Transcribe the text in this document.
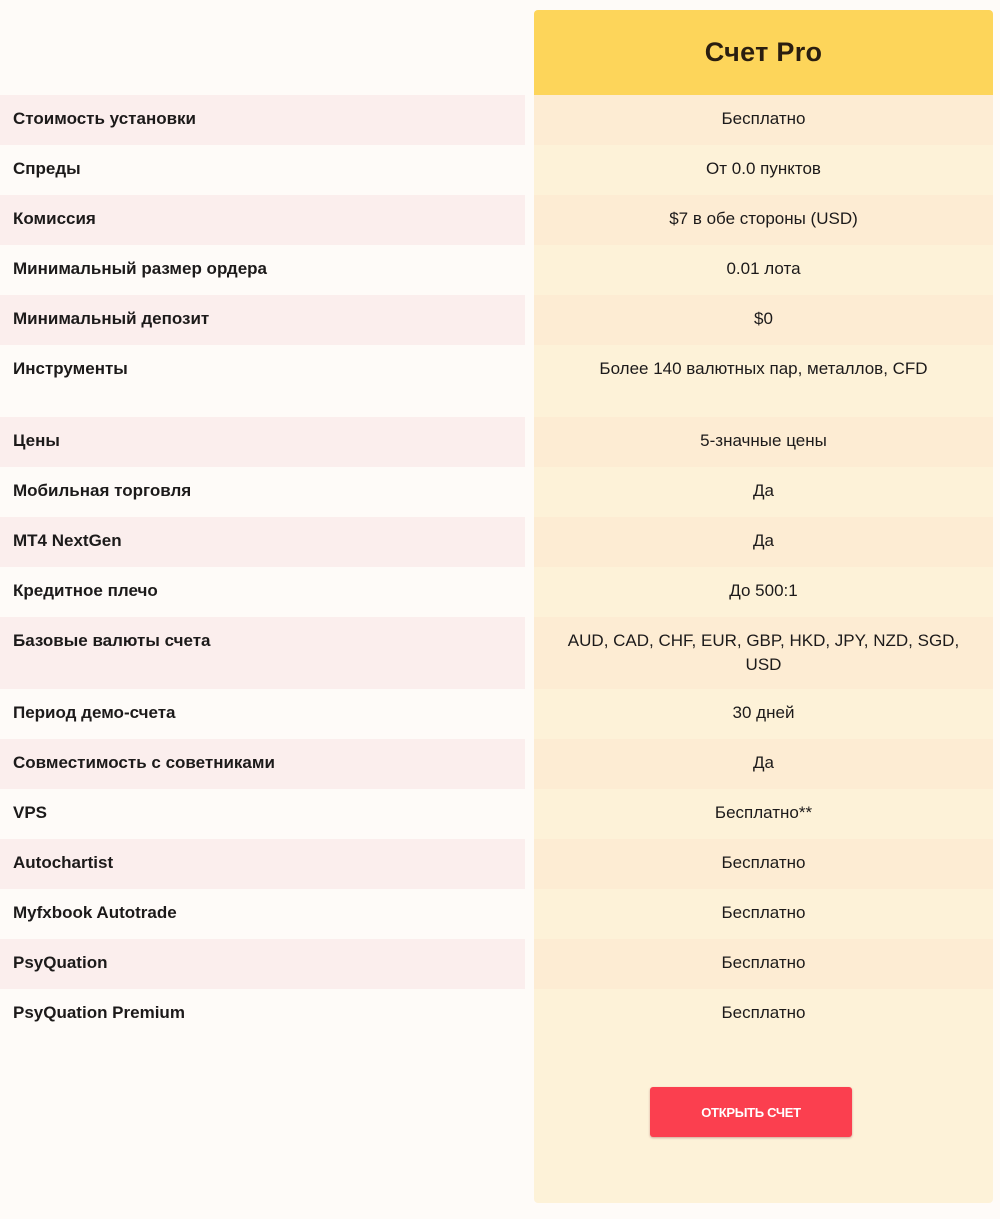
Счет Pro
Стоимость установки	Бесплатно
Спреды	От 0.0 пунктов
Комиссия	$7 в обе стороны (USD)
Минимальный размер ордера	0.01 лота
Минимальный депозит	$0
Инструменты	Более 140 валютных пар, металлов, CFD
Цены	5-значные цены
Мобильная торговля	Да
MT4 NextGen	Да
Кредитное плечо	До 500:1
Базовые валюты счета	AUD, CAD, CHF, EUR, GBP, HKD, JPY, NZD, SGD, USD
Период демо-счета	30 дней
Совместимость с советниками	Да
VPS	Бесплатно**
Autochartist	Бесплатно
Myfxbook Autotrade	Бесплатно
PsyQuation	Бесплатно
PsyQuation Premium	Бесплатно
ОТКРЫТЬ СЧЕТ
